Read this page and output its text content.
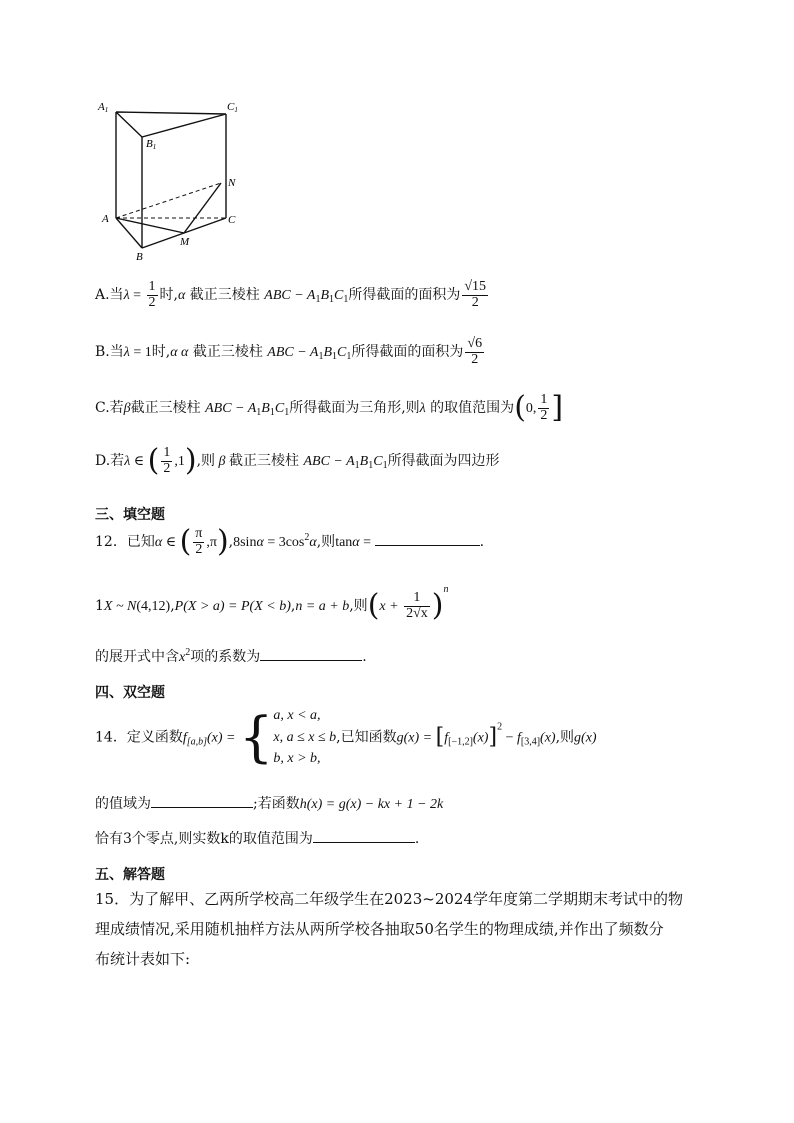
A1	C1
B1
N
A	C
M
B
A.当$\lambda = \frac{1}{2}$ 时,α 截正三棱柱 ABC − $A_1B_1C_1$所得截面的面积为 $\frac{√15}{2}$
B.当λ = 1时,α α 截正三棱柱 ABC − $A_1B_1C_1$所得截面的面积为 $\frac{√6}{2}$
C.若β截正三棱柱 ABC − $A_1B_1C_1$所得截面为三角形,则λ 的取值范围为(0, $\frac{1}{2}$ ]
D.若λ ∈ ( $\frac{1}{2} ,1$),则 β 截正三棱柱 ABC − $A_1B_1C_1$所得截面为四边形
三、填空题
12．已知α ∈ ( $\frac{\pi}{2} ,\pi),8\sin\alpha = 3\cos^2\alpha$,则tanα =	.
1X ~ N(4,12),P(X > a) = P(X < b),n = a + b,则$(x + \frac{1}{2√x} )^n$
的展开式中含$x^2$项的系数为	.
四、双空题
14．定义函数$f_{[a,b]}(x)$ = { a, x < a,
x, a ≤ x ≤ b
b, x > b,
,已知函数$g(x) = [f_{[-1,2]}(x)]^2 - f_{[3,4]}(x)$,则g(x)
的值域为	;若函数h(x) = g(x) − kx + 1 − 2k
恰有3个零点,则实数k的取值范围为	.
五、解答题
15．为了解甲、乙两所学校高二年级学生在2023~2024学年度第二学期期末考试中的物
理成绩情况,采用随机抽样方法从两所学校各抽取50名学生的物理成绩,并作出了频数分
布统计表如下:
